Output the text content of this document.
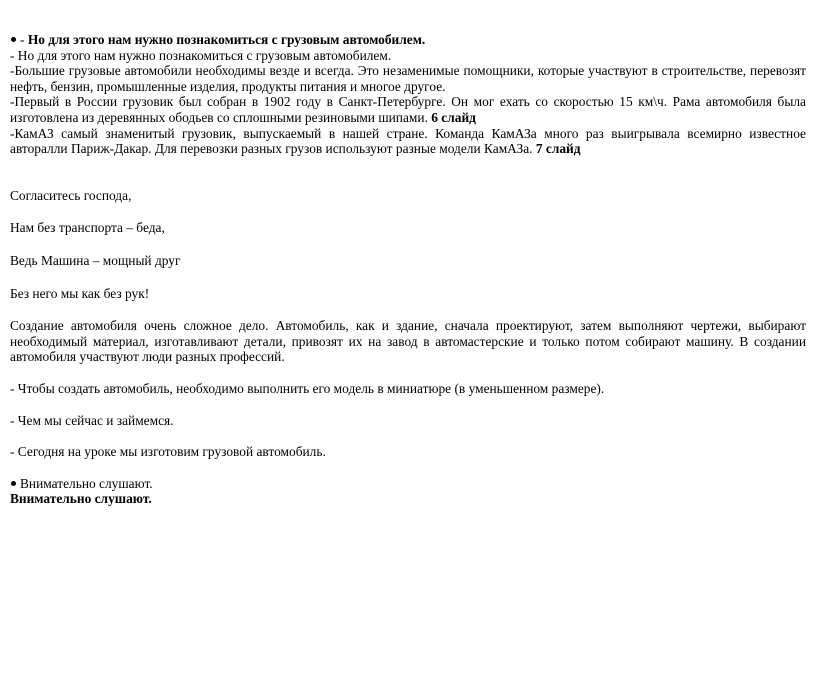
- Но для этого нам нужно познакомиться с грузовым автомобилем.

- Но для этого нам нужно познакомиться с грузовым автомобилем.

-Большие грузовые автомобили необходимы везде и всегда. Это незаменимые помощники, которые участвуют в строительстве, перевозят нефть, бензин, промышленные изделия, продукты питания и многое другое.

-Первый в России грузовик был собран в 1902 году в Санкт-Петербурге. Он мог ехать со скоростью 15 км\ч. Рама автомобиля была изготовлена из деревянных ободьев со сплошными резиновыми шипами. 6 слайд

-КамАЗ самый знаменитый грузовик, выпускаемый в нашей стране. Команда КамАЗа много раз выигрывала всемирно известное авторалли Париж-Дакар. Для перевозки разных грузов используют разные модели КамАЗа. 7 слайд

Согласитесь господа,

Нам без транспорта – беда,

Ведь Машина – мощный друг

Без него мы как без рук!

Создание автомобиля очень сложное дело. Автомобиль, как и здание, сначала проектируют, затем выполняют чертежи, выбирают необходимый материал, изготавливают детали, привозят их на завод в автомастерские и только потом собирают машину. В создании автомобиля участвуют люди разных профессий.

- Чтобы создать автомобиль, необходимо выполнить его модель в миниатюре (в уменьшенном размере).

- Чем мы сейчас и займемся.

- Сегодня на уроке мы изготовим грузовой автомобиль.

Внимательно слушают.

Внимательно слушают.
